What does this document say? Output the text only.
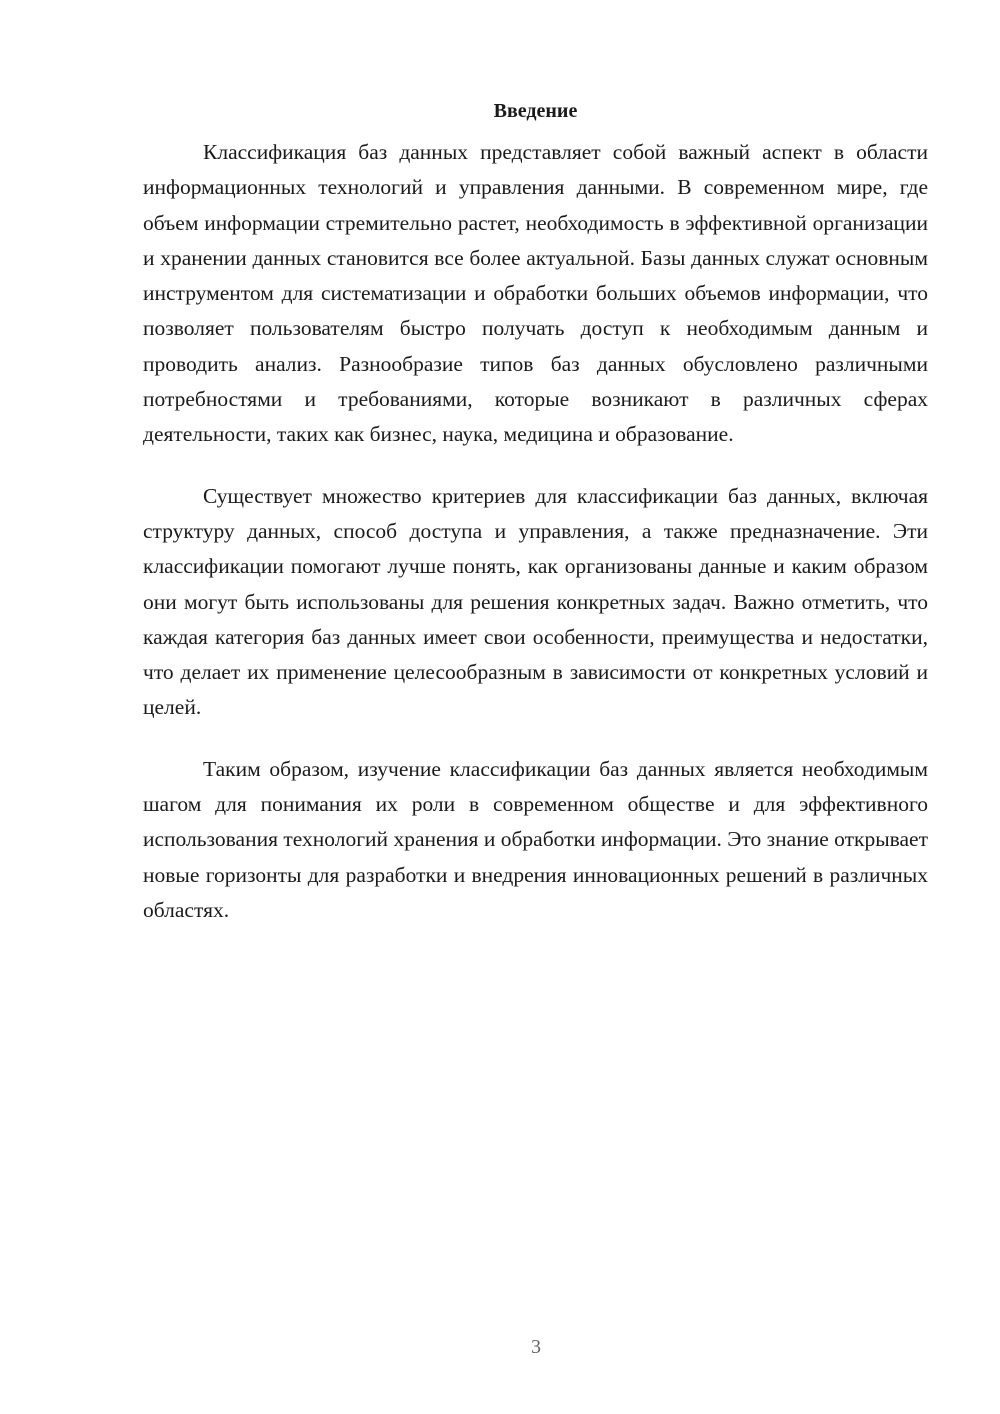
Введение

Классификация баз данных представляет собой важный аспект в области информационных технологий и управления данными. В современном мире, где объем информации стремительно растет, необходимость в эффективной организации и хранении данных становится все более актуальной. Базы данных служат основным инструментом для систематизации и обработки больших объемов информации, что позволяет пользователям быстро получать доступ к необходимым данным и проводить анализ. Разнообразие типов баз данных обусловлено различными потребностями и требованиями, которые возникают в различных сферах деятельности, таких как бизнес, наука, медицина и образование.

Существует множество критериев для классификации баз данных, включая структуру данных, способ доступа и управления, а также предназначение. Эти классификации помогают лучше понять, как организованы данные и каким образом они могут быть использованы для решения конкретных задач. Важно отметить, что каждая категория баз данных имеет свои особенности, преимущества и недостатки, что делает их применение целесообразным в зависимости от конкретных условий и целей.

Таким образом, изучение классификации баз данных является необходимым шагом для понимания их роли в современном обществе и для эффективного использования технологий хранения и обработки информации. Это знание открывает новые горизонты для разработки и внедрения инновационных решений в различных областях.

3
